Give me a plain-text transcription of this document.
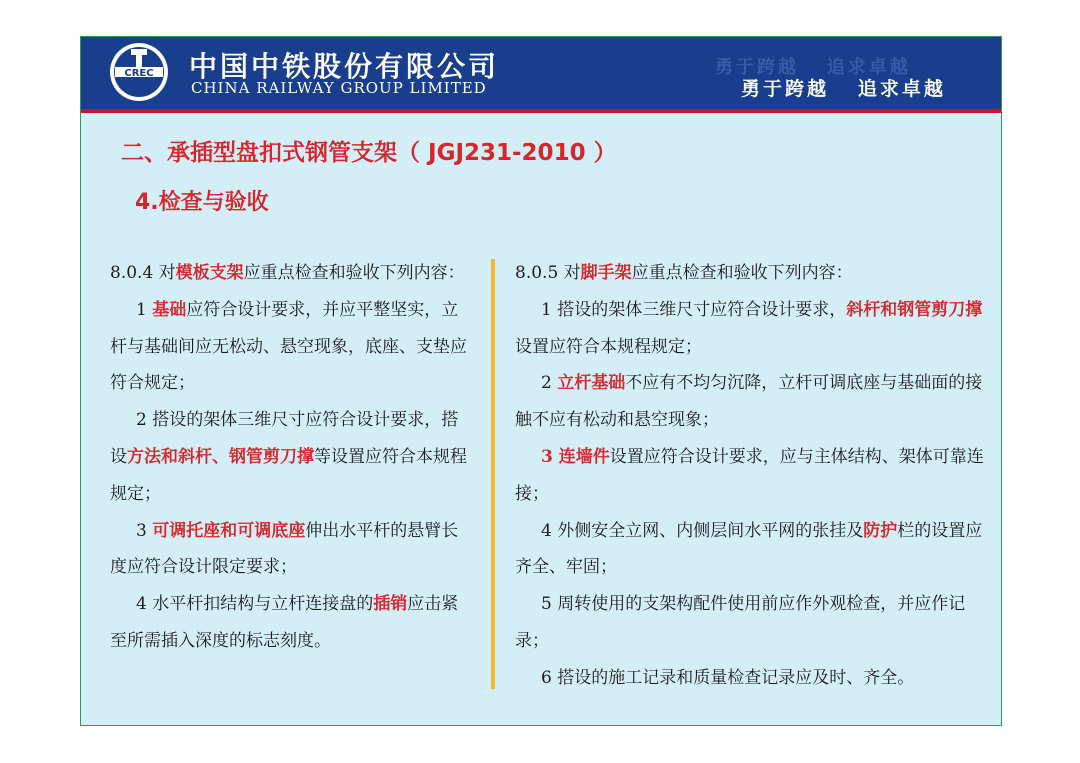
CREC 中国中铁股份有限公司
CHINA RAILWAY GROUP LIMITED
勇于跨越   追求卓越
勇于跨越   追求卓越
二、承插型盘扣式钢管支架（ JGJ231-2010 ）
4.检查与验收

8.0.4 对模板支架应重点检查和验收下列内容：

1 基础应符合设计要求，并应平整坚实，立杆与基础间应无松动、悬空现象，底座、支垫应符合规定；

2 搭设的架体三维尺寸应符合设计要求，搭设方法和斜杆、钢管剪刀撑等设置应符合本规程规定；

3 可调托座和可调底座伸出水平杆的悬臂长度应符合设计限定要求；

4 水平杆扣结构与立杆连接盘的插销应击紧至所需插入深度的标志刻度。

8.0.5 对脚手架应重点检查和验收下列内容：

1 搭设的架体三维尺寸应符合设计要求，斜杆和钢管剪刀撑设置应符合本规程规定；

2 立杆基础不应有不均匀沉降，立杆可调底座与基础面的接触不应有松动和悬空现象；

3 连墙件设置应符合设计要求，应与主体结构、架体可靠连接；

4 外侧安全立网、内侧层间水平网的张挂及防护栏的设置应齐全、牢固；

5 周转使用的支架构配件使用前应作外观检查，并应作记录；

6 搭设的施工记录和质量检查记录应及时、齐全。
